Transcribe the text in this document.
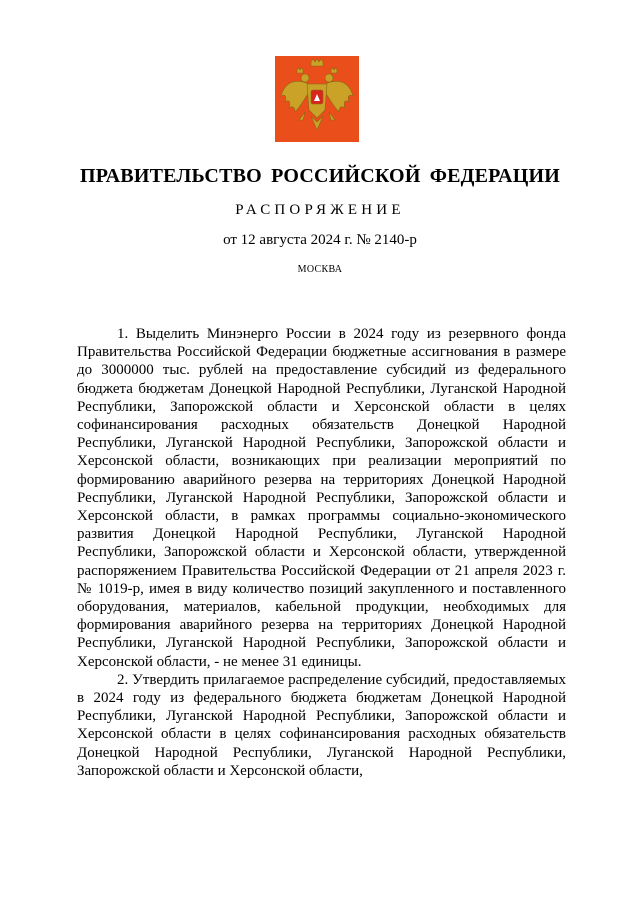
ПРАВИТЕЛЬСТВО РОССИЙСКОЙ ФЕДЕРАЦИИ
РАСПОРЯЖЕНИЕ
от 12 августа 2024 г. № 2140-р
МОСКВА

1. Выделить Минэнерго России в 2024 году из резервного фонда Правительства Российской Федерации бюджетные ассигнования в размере до 3000000 тыс. рублей на предоставление субсидий из федерального бюджета бюджетам Донецкой Народной Республики, Луганской Народной Республики, Запорожской области и Херсонской области в целях софинансирования расходных обязательств Донецкой Народной Республики, Луганской Народной Республики, Запорожской области и Херсонской области, возникающих при реализации мероприятий по формированию аварийного резерва на территориях Донецкой Народной Республики, Луганской Народной Республики, Запорожской области и Херсонской области, в рамках программы социально-экономического развития Донецкой Народной Республики, Луганской Народной Республики, Запорожской области и Херсонской области, утвержденной распоряжением Правительства Российской Федерации от 21 апреля 2023 г. № 1019-р, имея в виду количество позиций закупленного и поставленного оборудования, материалов, кабельной продукции, необходимых для формирования аварийного резерва на территориях Донецкой Народной Республики, Луганской Народной Республики, Запорожской области и Херсонской области, - не менее 31 единицы.

2. Утвердить прилагаемое распределение субсидий, предоставляемых в 2024 году из федерального бюджета бюджетам Донецкой Народной Республики, Луганской Народной Республики, Запорожской области и Херсонской области в целях софинансирования расходных обязательств Донецкой Народной Республики, Луганской Народной Республики, Запорожской области и Херсонской области,
